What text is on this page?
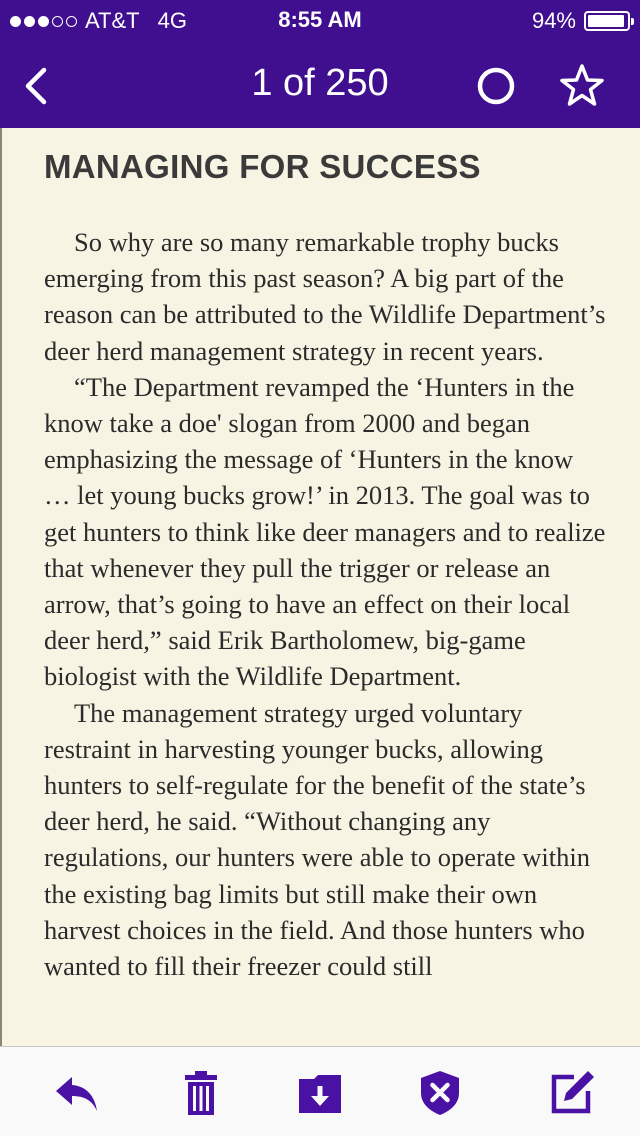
AT&T 4G	8:55 AM	94%
1 of 250
MANAGING FOR SUCCESS

So why are so many remarkable trophy bucks emerging from this past season? A big part of the reason can be attributed to the Wildlife Department’s deer herd management strategy in recent years.

“The Department revamped the ‘Hunters in the know take a doe' slogan from 2000 and began emphasizing the message of ‘Hunters in the know … let young bucks grow!’ in 2013. The goal was to get hunters to think like deer managers and to realize that whenever they pull the trigger or release an arrow, that’s going to have an effect on their local deer herd,” said Erik Bartholomew, big-game biologist with the Wildlife Department.

The management strategy urged voluntary restraint in harvesting younger bucks, allowing hunters to self-regulate for the benefit of the state’s deer herd, he said. “Without changing any regulations, our hunters were able to operate within the existing bag limits but still make their own harvest choices in the field. And those hunters who wanted to fill their freezer could still
